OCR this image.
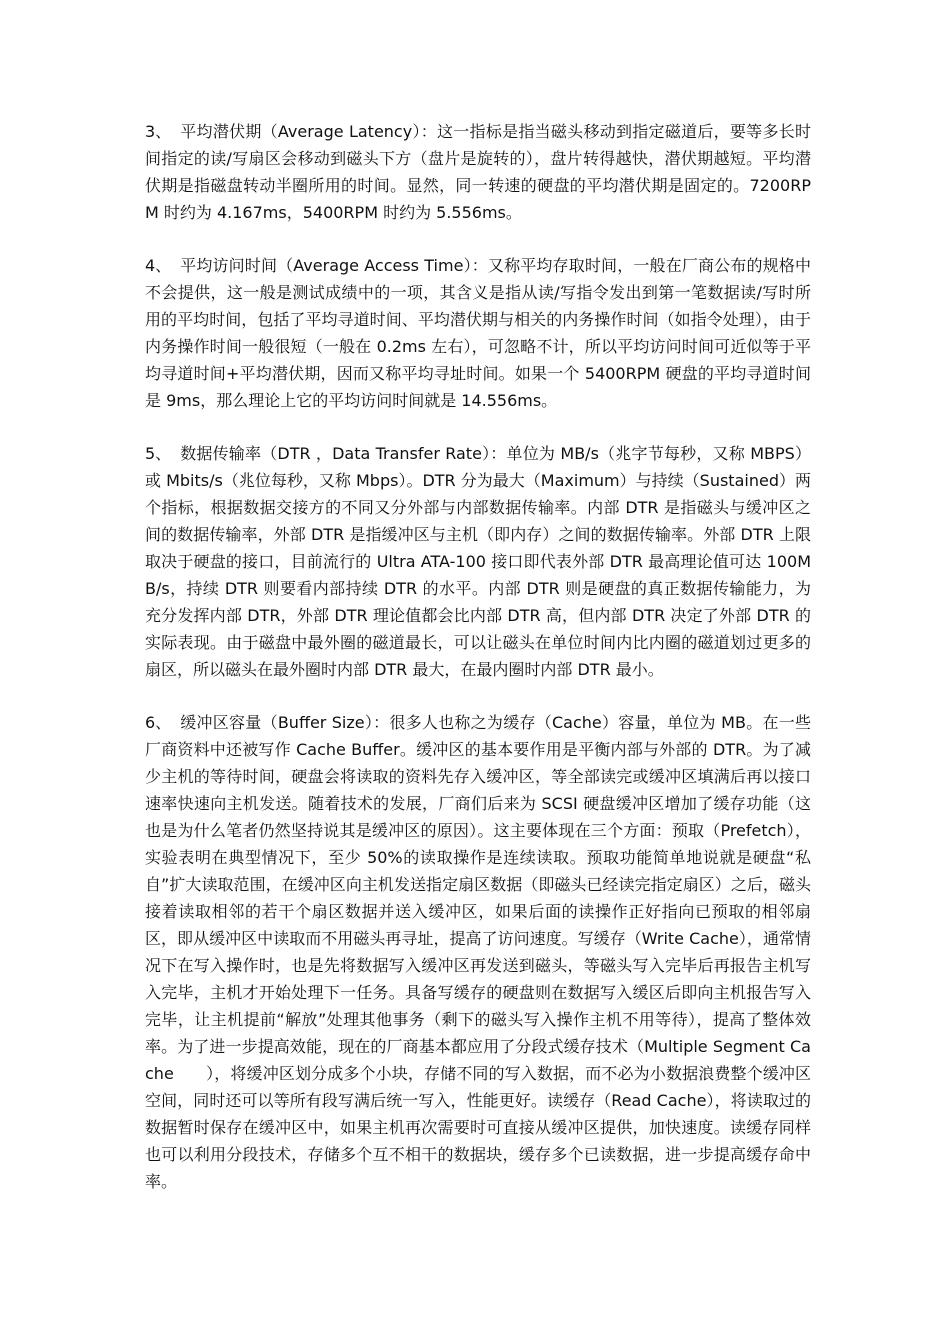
3、 平均潜伏期（Average Latency）：这一指标是指当磁头移动到指定磁道后，要等多长时间指定的读/写扇区会移动到磁头下方（盘片是旋转的），盘片转得越快，潜伏期越短。平均潜伏期是指磁盘转动半圈所用的时间。显然，同一转速的硬盘的平均潜伏期是固定的。7200RPM 时约为 4.167ms，5400RPM 时约为 5.556ms。

4、 平均访问时间（Average Access Time）：又称平均存取时间，一般在厂商公布的规格中不会提供，这一般是测试成绩中的一项，其含义是指从读/写指令发出到第一笔数据读/写时所用的平均时间，包括了平均寻道时间、平均潜伏期与相关的内务操作时间（如指令处理），由于内务操作时间一般很短（一般在 0.2ms 左右），可忽略不计，所以平均访问时间可近似等于平均寻道时间+平均潜伏期，因而又称平均寻址时间。如果一个 5400RPM 硬盘的平均寻道时间是 9ms，那么理论上它的平均访问时间就是 14.556ms。

5、 数据传输率（DTR ，Data Transfer Rate）：单位为 MB/s（兆字节每秒，又称 MBPS）或 Mbits/s（兆位每秒，又称 Mbps）。DTR 分为最大（Maximum）与持续（Sustained）两个指标，根据数据交接方的不同又分外部与内部数据传输率。内部 DTR 是指磁头与缓冲区之间的数据传输率，外部 DTR 是指缓冲区与主机（即内存）之间的数据传输率。外部 DTR 上限取决于硬盘的接口，目前流行的 Ultra ATA-100 接口即代表外部 DTR 最高理论值可达 100MB/s，持续 DTR 则要看内部持续 DTR 的水平。内部 DTR 则是硬盘的真正数据传输能力，为充分发挥内部 DTR，外部 DTR 理论值都会比内部 DTR 高，但内部 DTR 决定了外部 DTR 的实际表现。由于磁盘中最外圈的磁道最长，可以让磁头在单位时间内比内圈的磁道划过更多的扇区，所以磁头在最外圈时内部 DTR 最大，在最内圈时内部 DTR 最小。

6、 缓冲区容量（Buffer Size）：很多人也称之为缓存（Cache）容量，单位为 MB。在一些厂商资料中还被写作 Cache Buffer。缓冲区的基本要作用是平衡内部与外部的 DTR。为了减少主机的等待时间，硬盘会将读取的资料先存入缓冲区，等全部读完或缓冲区填满后再以接口速率快速向主机发送。随着技术的发展，厂商们后来为 SCSI 硬盘缓冲区增加了缓存功能（这也是为什么笔者仍然坚持说其是缓冲区的原因）。这主要体现在三个方面：预取（Prefetch），实验表明在典型情况下，至少 50%的读取操作是连续读取。预取功能简单地说就是硬盘“私自”扩大读取范围，在缓冲区向主机发送指定扇区数据（即磁头已经读完指定扇区）之后，磁头接着读取相邻的若干个扇区数据并送入缓冲区，如果后面的读操作正好指向已预取的相邻扇区，即从缓冲区中读取而不用磁头再寻址，提高了访问速度。写缓存（Write Cache），通常情况下在写入操作时，也是先将数据写入缓冲区再发送到磁头，等磁头写入完毕后再报告主机写入完毕，主机才开始处理下一任务。具备写缓存的硬盘则在数据写入缓区后即向主机报告写入完毕，让主机提前“解放”处理其他事务（剩下的磁头写入操作主机不用等待），提高了整体效率。为了进一步提高效能，现在的厂商基本都应用了分段式缓存技术（Multiple Segment Cache　　），将缓冲区划分成多个小块，存储不同的写入数据，而不必为小数据浪费整个缓冲区空间，同时还可以等所有段写满后统一写入，性能更好。读缓存（Read Cache），将读取过的数据暂时保存在缓冲区中，如果主机再次需要时可直接从缓冲区提供，加快速度。读缓存同样也可以利用分段技术，存储多个互不相干的数据块，缓存多个已读数据，进一步提高缓存命中率。
